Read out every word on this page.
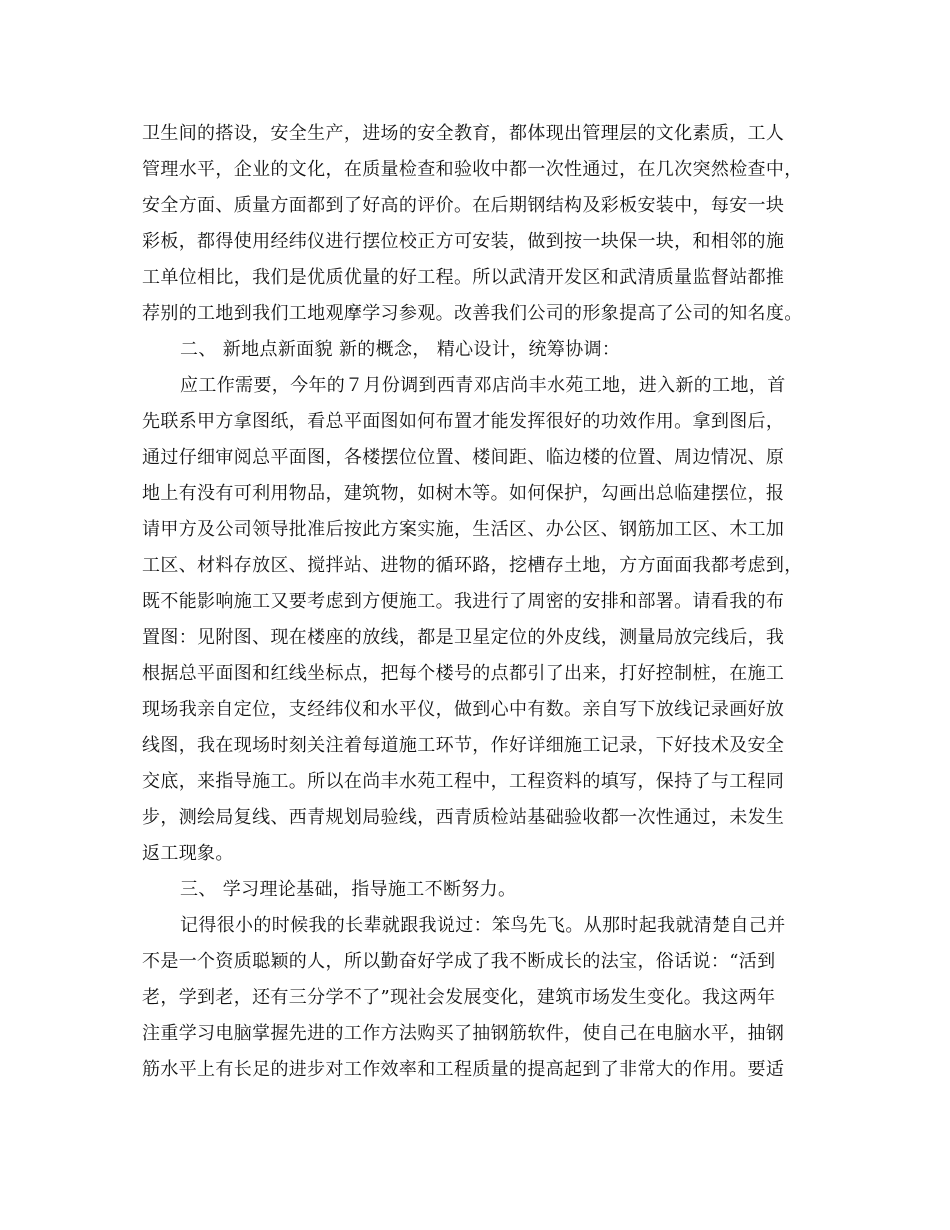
卫生间的搭设，安全生产，进场的安全教育，都体现出管理层的文化素质，工人
管理水平，企业的文化，在质量检查和验收中都一次性通过，在几次突然检查中，
安全方面、质量方面都到了好高的评价。在后期钢结构及彩板安装中，每安一块
彩板，都得使用经纬仪进行摆位校正方可安装，做到按一块保一块，和相邻的施
工单位相比，我们是优质优量的好工程。所以武清开发区和武清质量监督站都推
荐别的工地到我们工地观摩学习参观。改善我们公司的形象提高了公司的知名度。
二、 新地点新面貌 新的概念， 精心设计，统筹协调：
应工作需要，今年的７月份调到西青邓店尚丰水苑工地，进入新的工地，首
先联系甲方拿图纸，看总平面图如何布置才能发挥很好的功效作用。拿到图后，
通过仔细审阅总平面图，各楼摆位位置、楼间距、临边楼的位置、周边情况、原
地上有没有可利用物品，建筑物，如树木等。如何保护，勾画出总临建摆位，报
请甲方及公司领导批准后按此方案实施，生活区、办公区、钢筋加工区、木工加
工区、材料存放区、搅拌站、进物的循环路，挖槽存土地，方方面面我都考虑到，
既不能影响施工又要考虑到方便施工。我进行了周密的安排和部署。请看我的布
置图：见附图、现在楼座的放线，都是卫星定位的外皮线，测量局放完线后，我
根据总平面图和红线坐标点，把每个楼号的点都引了出来，打好控制桩，在施工
现场我亲自定位，支经纬仪和水平仪，做到心中有数。亲自写下放线记录画好放
线图，我在现场时刻关注着每道施工环节，作好详细施工记录，下好技术及安全
交底，来指导施工。所以在尚丰水苑工程中，工程资料的填写，保持了与工程同
步，测绘局复线、西青规划局验线，西青质检站基础验收都一次性通过，未发生
返工现象。
三、 学习理论基础，指导施工不断努力。
记得很小的时候我的长辈就跟我说过：笨鸟先飞。从那时起我就清楚自己并
不是一个资质聪颖的人，所以勤奋好学成了我不断成长的法宝，俗话说：“活到
老，学到老，还有三分学不了”现社会发展变化，建筑市场发生变化。我这两年
注重学习电脑掌握先进的工作方法购买了抽钢筋软件，使自己在电脑水平，抽钢
筋水平上有长足的进步对工作效率和工程质量的提高起到了非常大的作用。要适
